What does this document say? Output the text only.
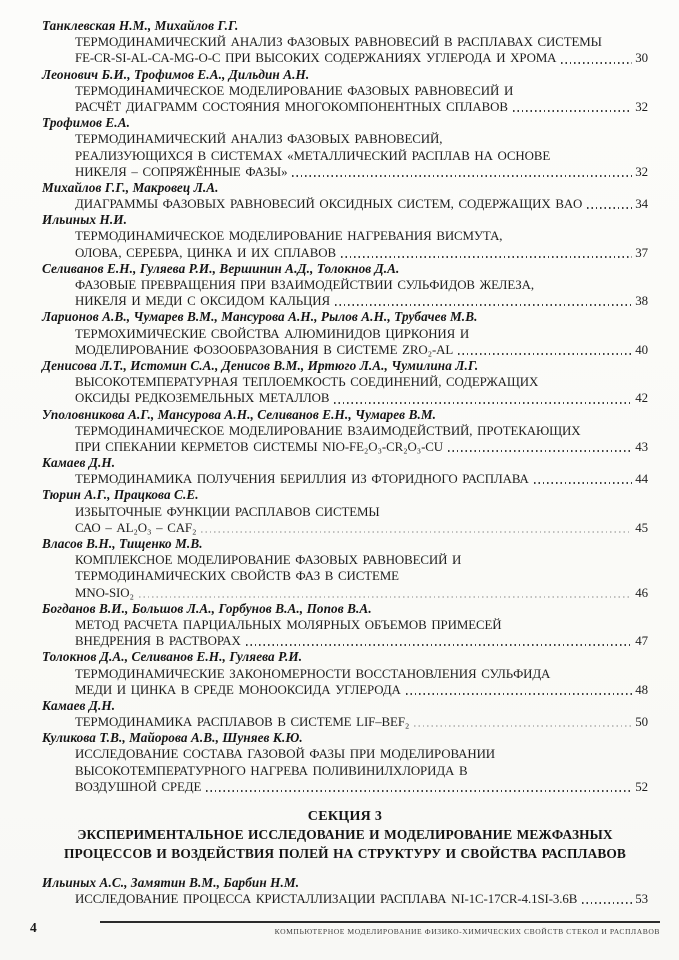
Танклевская Н.М., Михайлов Г.Г.
ТЕРМОДИНАМИЧЕСКИЙ АНАЛИЗ ФАЗОВЫХ РАВНОВЕСИЙ В РАСПЛАВАХ СИСТЕМЫ
FE-CR-SI-AL-CA-MG-O-C ПРИ ВЫСОКИХ СОДЕРЖАНИЯХ УГЛЕРОДА И ХРОМА	30
Леонович Б.И., Трофимов Е.А., Дильдин А.Н.
ТЕРМОДИНАМИЧЕСКОЕ МОДЕЛИРОВАНИЕ ФАЗОВЫХ РАВНОВЕСИЙ И
РАСЧЁТ ДИАГРАММ СОСТОЯНИЯ МНОГОКОМПОНЕНТНЫХ СПЛАВОВ	32
Трофимов Е.А.
ТЕРМОДИНАМИЧЕСКИЙ АНАЛИЗ ФАЗОВЫХ РАВНОВЕСИЙ,
РЕАЛИЗУЮЩИХСЯ В СИСТЕМАХ «МЕТАЛЛИЧЕСКИЙ РАСПЛАВ НА ОСНОВЕ
НИКЕЛЯ – СОПРЯЖЁННЫЕ ФАЗЫ»	32
Михайлов Г.Г., Макровец Л.А.
ДИАГРАММЫ ФАЗОВЫХ РАВНОВЕСИЙ ОКСИДНЫХ СИСТЕМ, СОДЕРЖАЩИХ BAO	34
Ильиных Н.И.
ТЕРМОДИНАМИЧЕСКОЕ МОДЕЛИРОВАНИЕ НАГРЕВАНИЯ ВИСМУТА,
ОЛОВА, СЕРЕБРА, ЦИНКА И ИХ СПЛАВОВ	37
Селиванов Е.Н., Гуляева Р.И., Вершинин А.Д., Толокнов Д.А.
ФАЗОВЫЕ ПРЕВРАЩЕНИЯ ПРИ ВЗАИМОДЕЙСТВИИ СУЛЬФИДОВ ЖЕЛЕЗА,
НИКЕЛЯ И МЕДИ С ОКСИДОМ КАЛЬЦИЯ	38
Ларионов А.В., Чумарев В.М., Мансурова А.Н., Рылов А.Н., Трубачев М.В.
ТЕРМОХИМИЧЕСКИЕ СВОЙСТВА АЛЮМИНИДОВ ЦИРКОНИЯ И
МОДЕЛИРОВАНИЕ ФОЗООБРАЗОВАНИЯ В СИСТЕМЕ ZRO₂-AL	40
Денисова Л.Т., Истомин С.А., Денисов В.М., Иртюго Л.А., Чумилина Л.Г.
ВЫСОКОТЕМПЕРАТУРНАЯ ТЕПЛОЕМКОСТЬ СОЕДИНЕНИЙ, СОДЕРЖАЩИХ
ОКСИДЫ РЕДКОЗЕМЕЛЬНЫХ МЕТАЛЛОВ	42
Уполовникова А.Г., Мансурова А.Н., Селиванов Е.Н., Чумарев В.М.
ТЕРМОДИНАМИЧЕСКОЕ МОДЕЛИРОВАНИЕ ВЗАИМОДЕЙСТВИЙ, ПРОТЕКАЮЩИХ
ПРИ СПЕКАНИИ КЕРМЕТОВ СИСТЕМЫ NIO-FE₂O₃-CR₂O₃-CU	43
Камаев Д.Н.
ТЕРМОДИНАМИКА ПОЛУЧЕНИЯ БЕРИЛЛИЯ ИЗ ФТОРИДНОГО РАСПЛАВА	44
Тюрин А.Г., Працкова С.Е.
ИЗБЫТОЧНЫЕ ФУНКЦИИ РАСПЛАВОВ СИСТЕМЫ
САО – AL₂O₃ – CAF₂	45
Власов В.Н., Тищенко М.В.
КОМПЛЕКСНОЕ МОДЕЛИРОВАНИЕ ФАЗОВЫХ РАВНОВЕСИЙ И
ТЕРМОДИНАМИЧЕСКИХ СВОЙСТВ ФАЗ В СИСТЕМЕ
MNO-SIO₂	46
Богданов В.И., Большов Л.А., Горбунов В.А., Попов В.А.
МЕТОД РАСЧЕТА ПАРЦИАЛЬНЫХ МОЛЯРНЫХ ОБЪЕМОВ ПРИМЕСЕЙ
ВНЕДРЕНИЯ В РАСТВОРАХ	47
Толокнов Д.А., Селиванов Е.Н., Гуляева Р.И.
ТЕРМОДИНАМИЧЕСКИЕ ЗАКОНОМЕРНОСТИ ВОССТАНОВЛЕНИЯ СУЛЬФИДА
МЕДИ И ЦИНКА В СРЕДЕ МОНООКСИДА УГЛЕРОДА	48
Камаев Д.Н.
ТЕРМОДИНАМИКА РАСПЛАВОВ В СИСТЕМЕ LIF–BEF₂	50
Куликова Т.В., Майорова А.В., Шуняев К.Ю.
ИССЛЕДОВАНИЕ СОСТАВА ГАЗОВОЙ ФАЗЫ ПРИ МОДЕЛИРОВАНИИ
ВЫСОКОТЕМПЕРАТУРНОГО НАГРЕВА ПОЛИВИНИЛХЛОРИДА В
ВОЗДУШНОЙ СРЕДЕ	52
СЕКЦИЯ 3
ЭКСПЕРИМЕНТАЛЬНОЕ ИССЛЕДОВАНИЕ И МОДЕЛИРОВАНИЕ МЕЖФАЗНЫХ
ПРОЦЕССОВ И ВОЗДЕЙСТВИЯ ПОЛЕЙ НА СТРУКТУРУ И СВОЙСТВА РАСПЛАВОВ
Ильиных А.С., Замятин В.М., Барбин Н.М.
ИССЛЕДОВАНИЕ ПРОЦЕССА КРИСТАЛЛИЗАЦИИ РАСПЛАВА NI-1C-17CR-4.1SI-3.6B	53
4	КОМПЬЮТЕРНОЕ МОДЕЛИРОВАНИЕ ФИЗИКО-ХИМИЧЕСКИХ СВОЙСТВ СТЕКОЛ И РАСПЛАВОВ
